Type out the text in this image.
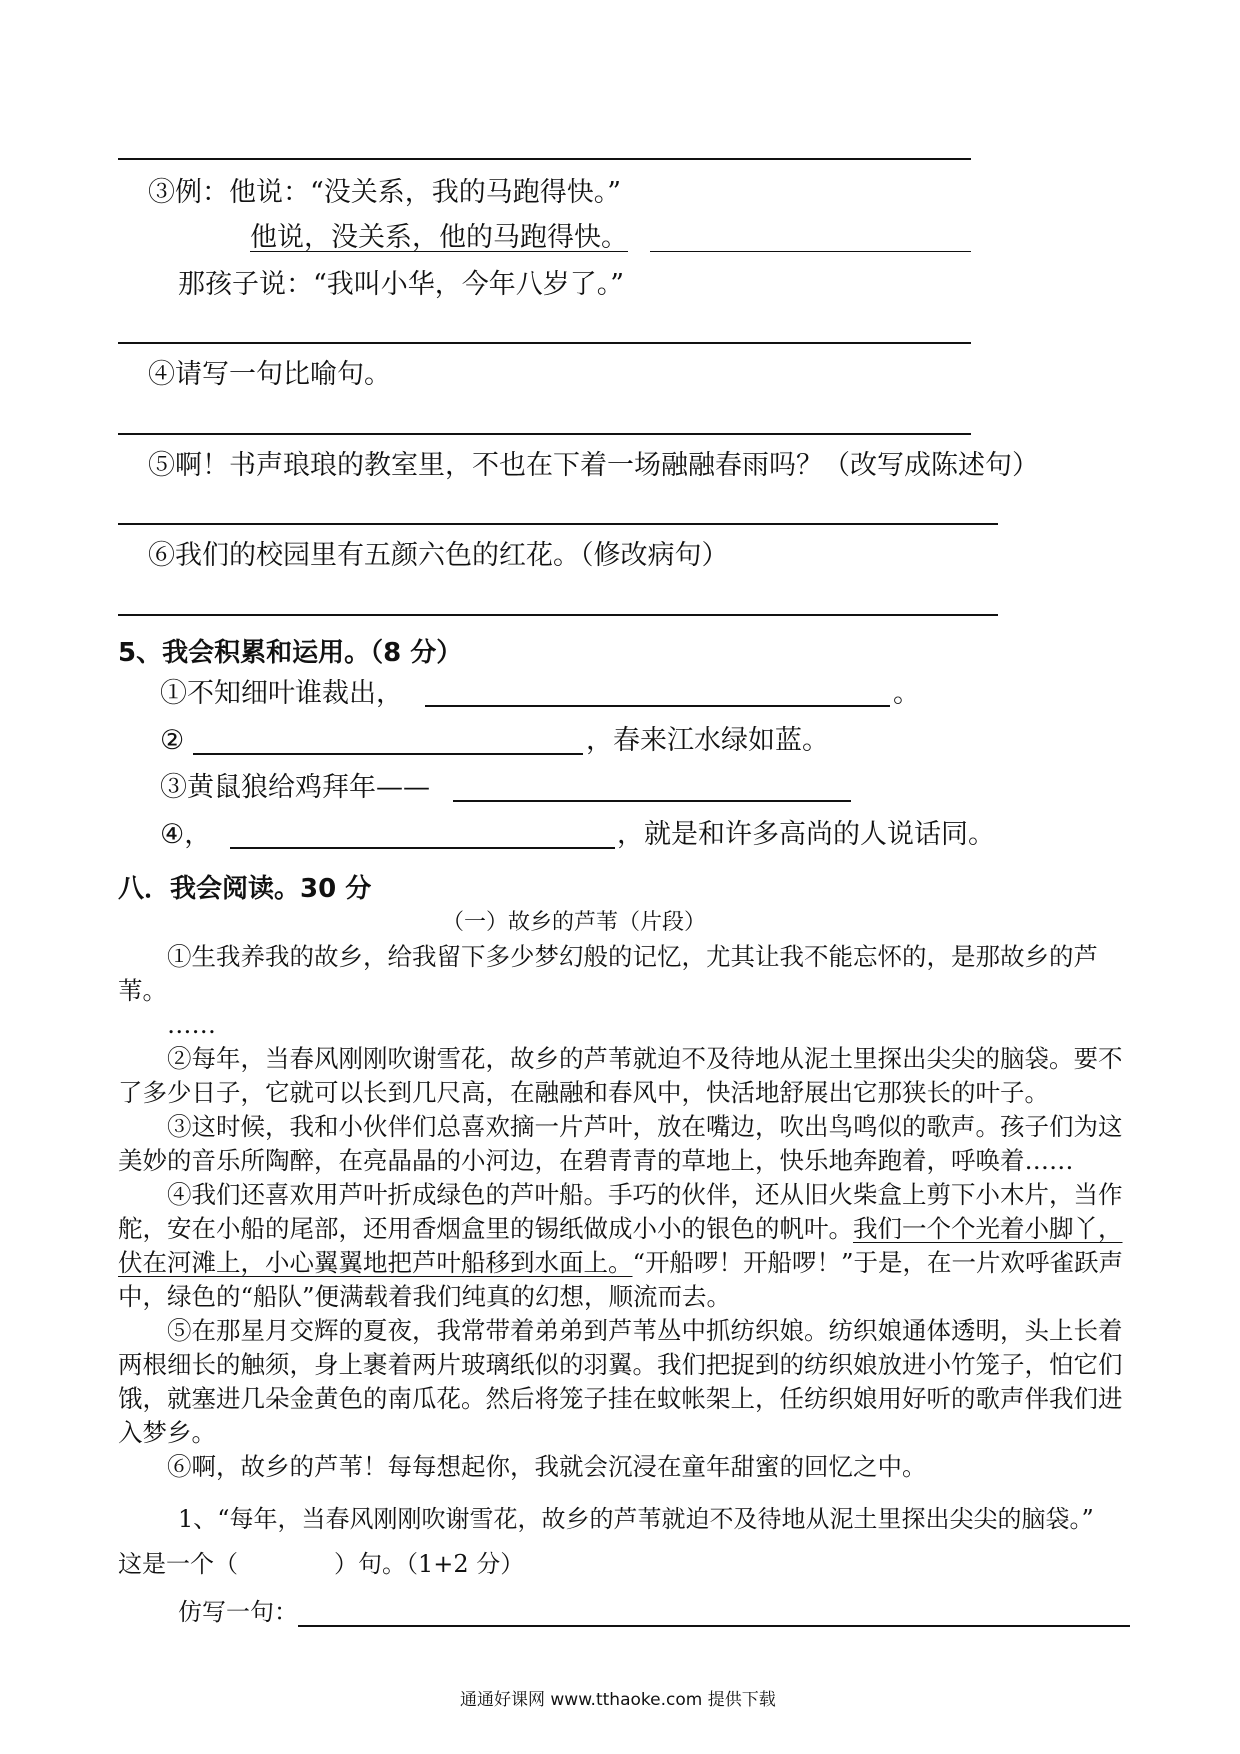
③例：他说：“没关系，我的马跑得快。”
他说，没关系，他的马跑得快。
那孩子说：“我叫小华，今年八岁了。”
④请写一句比喻句。
⑤啊！书声琅琅的教室里，不也在下着一场融融春雨吗？（改写成陈述句）
⑥我们的校园里有五颜六色的红花。（修改病句）
5、我会积累和运用。（8 分）
①不知细叶谁裁出，	。
②	，春来江水绿如蓝。
③黄鼠狼给鸡拜年——
④，	，就是和许多高尚的人说话同。
八．我会阅读。30 分
（一）故乡的芦苇（片段）

①生我养我的故乡，给我留下多少梦幻般的记忆，尤其让我不能忘怀的，是那故乡的芦苇。

……

②每年，当春风刚刚吹谢雪花，故乡的芦苇就迫不及待地从泥土里探出尖尖的脑袋。要不了多少日子，它就可以长到几尺高，在融融和春风中，快活地舒展出它那狭长的叶子。

③这时候，我和小伙伴们总喜欢摘一片芦叶，放在嘴边，吹出鸟鸣似的歌声。孩子们为这美妙的音乐所陶醉，在亮晶晶的小河边，在碧青青的草地上，快乐地奔跑着，呼唤着……

④我们还喜欢用芦叶折成绿色的芦叶船。手巧的伙伴，还从旧火柴盒上剪下小木片，当作舵，安在小船的尾部，还用香烟盒里的锡纸做成小小的银色的帆叶。我们一个个光着小脚丫，伏在河滩上，小心翼翼地把芦叶船移到水面上。“开船啰！开船啰！”于是，在一片欢呼雀跃声中，绿色的“船队”便满载着我们纯真的幻想，顺流而去。

⑤在那星月交辉的夏夜，我常带着弟弟到芦苇丛中抓纺织娘。纺织娘通体透明，头上长着两根细长的触须，身上裹着两片玻璃纸似的羽翼。我们把捉到的纺织娘放进小竹笼子，怕它们饿，就塞进几朵金黄色的南瓜花。然后将笼子挂在蚊帐架上，任纺织娘用好听的歌声伴我们进入梦乡。

⑥啊，故乡的芦苇！每每想起你，我就会沉浸在童年甜蜜的回忆之中。

1、“每年，当春风刚刚吹谢雪花，故乡的芦苇就迫不及待地从泥土里探出尖尖的脑袋。”
这是一个（　　　　）句。（1+2 分）
仿写一句：
通通好课网 www.tthaoke.com 提供下载
